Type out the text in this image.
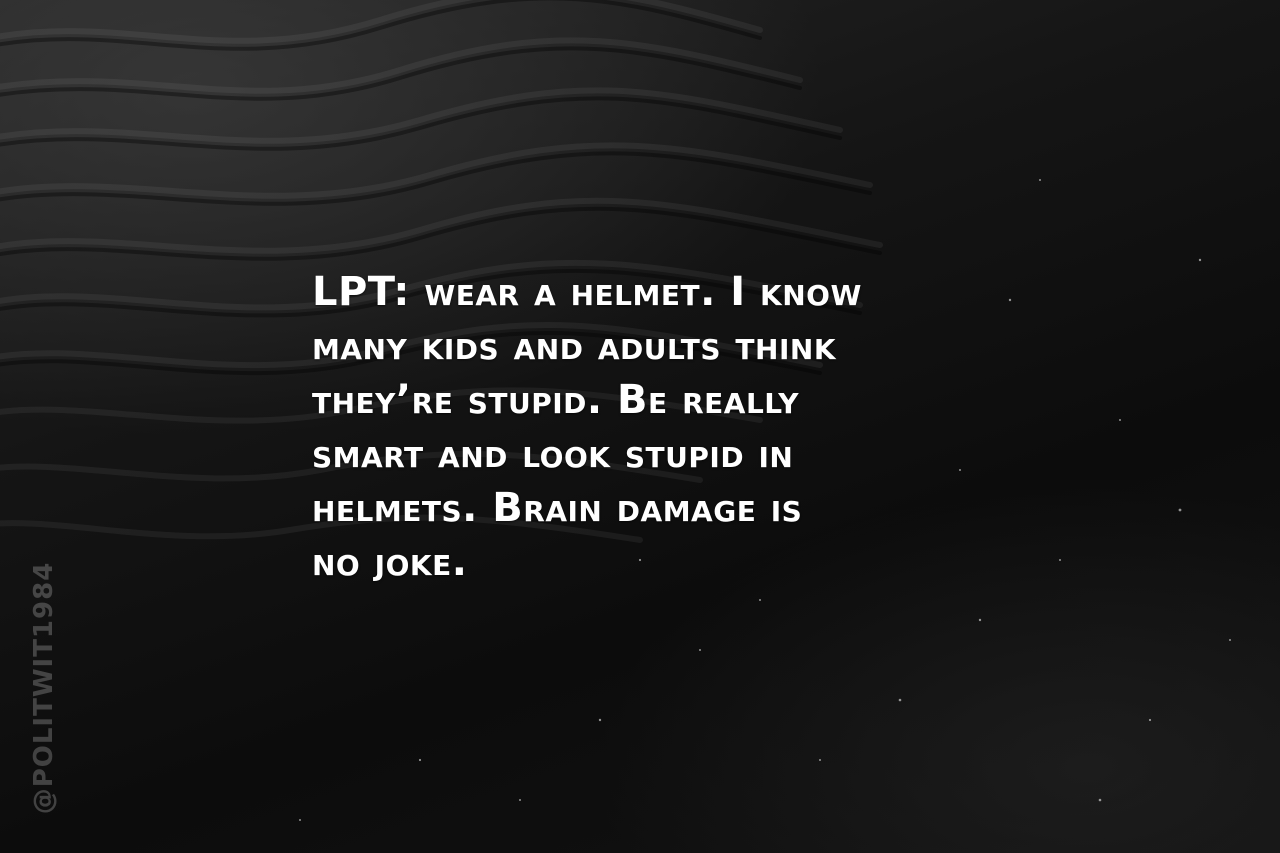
LPT: wear a helmet. I know
many kids and adults think
they’re stupid. Be really
smart and look stupid in
helmets. Brain damage is
no joke.

@POLITWIT1984
